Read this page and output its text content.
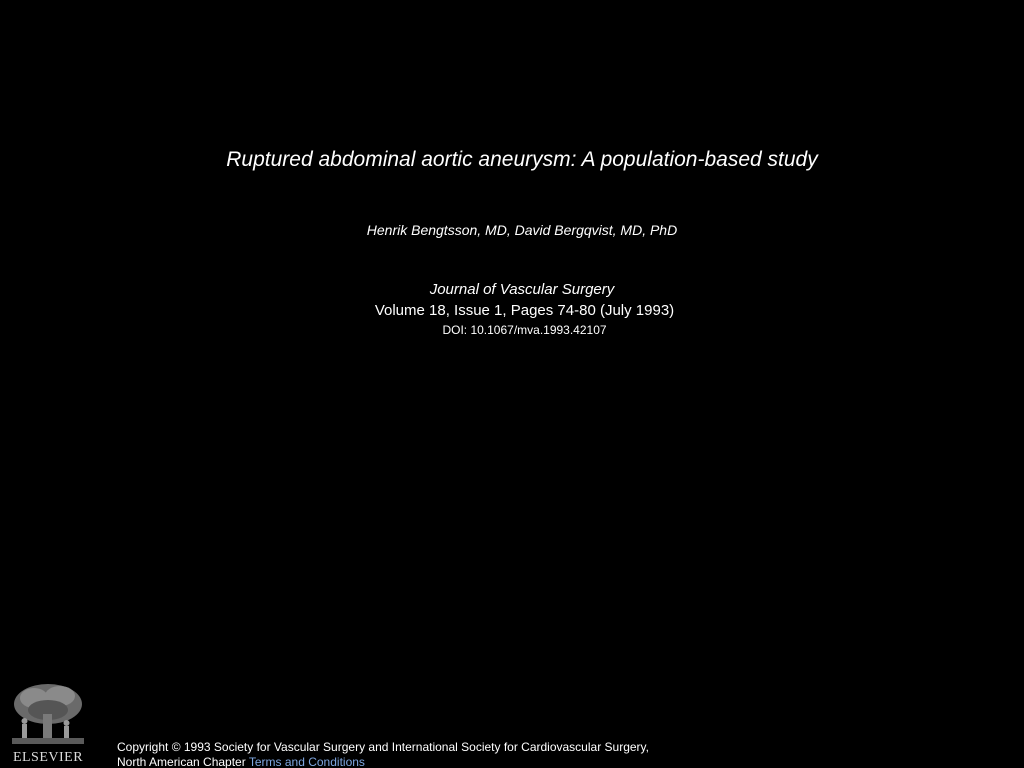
Ruptured abdominal aortic aneurysm: A population-based study
Henrik Bengtsson, MD, David Bergqvist, MD, PhD
Journal of Vascular Surgery
Volume 18, Issue 1, Pages 74-80 (July 1993)
DOI: 10.1067/mva.1993.42107
ELSEVIER
Copyright © 1993 Society for Vascular Surgery and International Society for Cardiovascular Surgery,
North American Chapter Terms and Conditions
